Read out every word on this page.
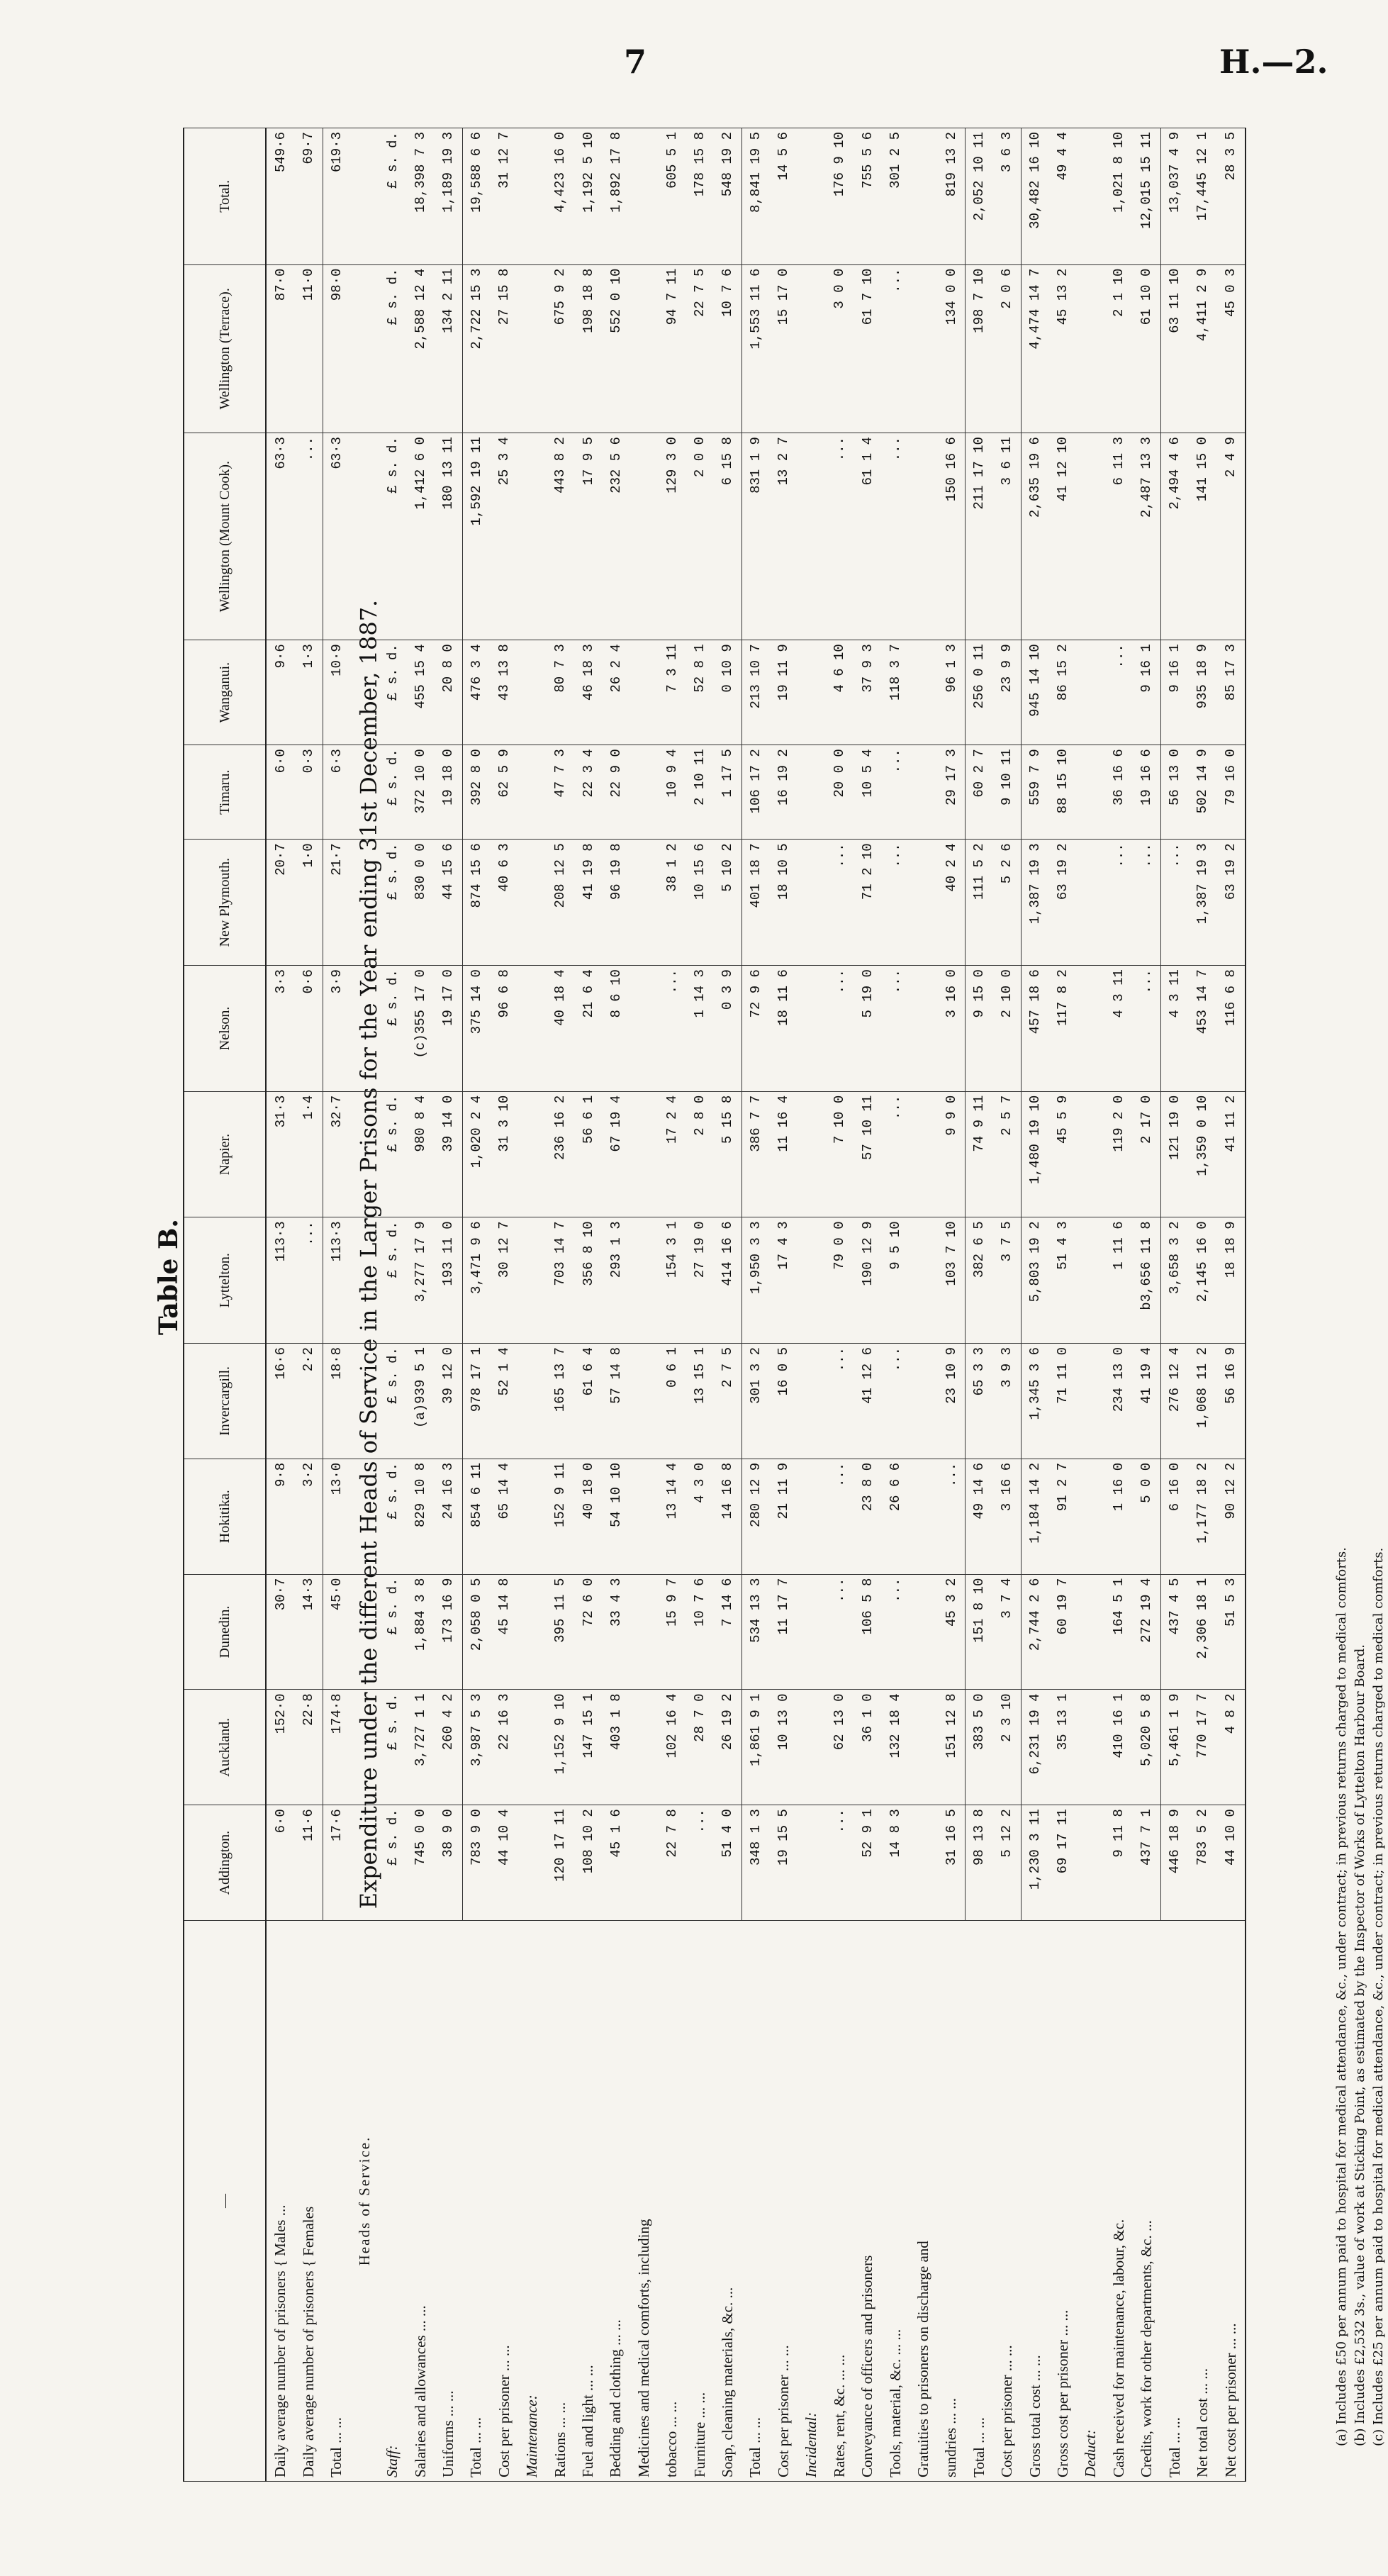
7	H.—2.
Table B.	Expenditure under the different Heads of Service in the Larger Prisons for the Year ending 31st December, 1887.
—	Addington.	Auckland.	Dunedin.	Hokitika.	Invercargill.	Lyttelton.	Napier.	Nelson.	New Plymouth.	Timaru.	Wanganui.	Wellington (Mount Cook).	Wellington (Terrace).	Total.
Daily average number of prisoners { Males ...	6·0	152·0	30·7	9·8	16·6	113·3	31·3	3·3	20·7	6·0	9·6	63·3	87·0	549·6
Daily average number of prisoners { Females	11·6	22·8	14·3	3·2	2·2	...	1·4	0·6	1·0	0·3	1·3	...	11·0	69·7
Total ... ...	17·6	174·8	45·0	13·0	18·8	113·3	32·7	3·9	21·7	6·3	10·9	63·3	98·0	619·3
Heads of Service.														
Staff:	£ s. d.	£ s. d.	£ s. d.	£ s. d.	£ s. d.	£ s. d.	£ s. d.	£ s. d.	£ s. d.	£ s. d.	£ s. d.	£ s. d.	£ s. d.	£ s. d.
Salaries and allowances ... ...	745 0 0	3,727 1 1	1,884 3 8	829 10 8	(a)939 5 1	3,277 17 9	980 8 4	(c)355 17 0	830 0 0	372 10 0	455 15 4	1,412 6 0	2,588 12 4	18,398 7 3
Uniforms ... ...	38 9 0	260 4 2	173 16 9	24 16 3	39 12 0	193 11 0	39 14 0	19 17 0	44 15 6	19 18 0	20 8 0	180 13 11	134 2 11	1,189 19 3
Total ... ...	783 9 0	3,987 5 3	2,058 0 5	854 6 11	978 17 1	3,471 9 6	1,020 2 4	375 14 0	874 15 6	392 8 0	476 3 4	1,592 19 11	2,722 15 3	19,588 6 6
Cost per prisoner ... ...	44 10 4	22 16 3	45 14 8	65 14 4	52 1 4	30 12 7	31 3 10	96 6 8	40 6 3	62 5 9	43 13 8	25 3 4	27 15 8	31 12 7
Maintenance:														
Rations ... ...	120 17 11	1,152 9 10	395 11 5	152 9 11	165 13 7	703 14 7	236 16 2	40 18 4	208 12 5	47 7 3	80 7 3	443 8 2	675 9 2	4,423 16 0
Fuel and light ... ...	108 10 2	147 15 1	72 6 0	40 18 0	61 6 4	356 8 10	56 6 1	21 6 4	41 19 8	22 3 4	46 18 3	17 9 5	198 18 8	1,192 5 10
Bedding and clothing ... ...	45 1 6	403 1 8	33 4 3	54 10 10	57 14 8	293 1 3	67 19 4	8 6 10	96 19 8	22 9 0	26 2 4	232 5 6	552 0 10	1,892 17 8
Medicines and medical comforts, including														
tobacco ... ...	22 7 8	102 16 4	15 9 7	13 14 4	0 6 1	154 3 1	17 2 4	...	38 1 2	10 9 4	7 3 11	129 3 0	94 7 11	605 5 1
Furniture ... ...	...	28 7 0	10 7 6	4 3 0	13 15 1	27 19 0	2 8 0	1 14 3	10 15 6	2 10 11	52 8 1	2 0 0	22 7 5	178 15 8
Soap, cleaning materials, &c. ...	51 4 0	26 19 2	7 14 6	14 16 8	2 7 5	414 16 6	5 15 8	0 3 9	5 10 2	1 17 5	0 10 9	6 15 8	10 7 6	548 19 2
Total ... ...	348 1 3	1,861 9 1	534 13 3	280 12 9	301 3 2	1,950 3 3	386 7 7	72 9 6	401 18 7	106 17 2	213 10 7	831 1 9	1,553 11 6	8,841 19 5
Cost per prisoner ... ...	19 15 5	10 13 0	11 17 7	21 11 9	16 0 5	17 4 3	11 16 4	18 11 6	18 10 5	16 19 2	19 11 9	13 2 7	15 17 0	14 5 6
Incidental:														
Rates, rent, &c. ... ...	...	62 13 0	...	...	...	79 0 0	7 10 0	...	...	20 0 0	4 6 10	...	3 0 0	176 9 10
Conveyance of officers and prisoners	52 9 1	36 1 0	106 5 8	23 8 0	41 12 6	190 12 9	57 10 11	5 19 0	71 2 10	10 5 4	37 9 3	61 1 4	61 7 10	755 5 6
Tools, material, &c. ... ...	14 8 3	132 18 4	...	26 6 6	...	9 5 10	...	...	...	...	118 3 7	...	...	301 2 5
Gratuities to prisoners on discharge and														
sundries ... ...	31 16 5	151 12 8	45 3 2	...	23 10 9	103 7 10	9 9 0	3 16 0	40 2 4	29 17 3	96 1 3	150 16 6	134 0 0	819 13 2
Total ... ...	98 13 8	383 5 0	151 8 10	49 14 6	65 3 3	382 6 5	74 9 11	9 15 0	111 5 2	60 2 7	256 0 11	211 17 10	198 7 10	2,052 10 11
Cost per prisoner ... ...	5 12 2	2 3 10	3 7 4	3 16 6	3 9 3	3 7 5	2 5 7	2 10 0	5 2 6	9 10 11	23 9 9	3 6 11	2 0 6	3 6 3
Gross total cost ... ...	1,230 3 11	6,231 19 4	2,744 2 6	1,184 14 2	1,345 3 6	5,803 19 2	1,480 19 10	457 18 6	1,387 19 3	559 7 9	945 14 10	2,635 19 6	4,474 14 7	30,482 16 10
Gross cost per prisoner ... ...	69 17 11	35 13 1	60 19 7	91 2 7	71 11 0	51 4 3	45 5 9	117 8 2	63 19 2	88 15 10	86 15 2	41 12 10	45 13 2	49 4 4
Deduct:														
Cash received for maintenance, labour, &c.	9 11 8	410 16 1	164 5 1	1 16 0	234 13 0	1 11 6	119 2 0	4 3 11	...	36 16 6	...	6 11 3	2 1 10	1,021 8 10
Credits, work for other departments, &c. ...	437 7 1	5,020 5 8	272 19 4	5 0 0	41 19 4	b3,656 11 8	2 17 0	...	...	19 16 6	9 16 1	2,487 13 3	61 10 0	12,015 15 11
Total ... ...	446 18 9	5,461 1 9	437 4 5	6 16 0	276 12 4	3,658 3 2	121 19 0	4 3 11	...	56 13 0	9 16 1	2,494 4 6	63 11 10	13,037 4 9
Net total cost ... ...	783 5 2	770 17 7	2,306 18 1	1,177 18 2	1,068 11 2	2,145 16 0	1,359 0 10	453 14 7	1,387 19 3	502 14 9	935 18 9	141 15 0	4,411 2 9	17,445 12 1
Net cost per prisoner ... ...	44 10 0	4 8 2	51 5 3	90 12 2	56 16 9	18 18 9	41 11 2	116 6 8	63 19 2	79 16 0	85 17 3	2 4 9	45 0 3	28 3 5
(a) Includes £50 per annum paid to hospital for medical attendance, &c., under contract; in previous returns charged to medical comforts. (b) Includes £2,532 3s., value of work at Sticking Point, as estimated by the Inspector of Works of Lyttelton Harbour Board. (c) Includes £25 per annum paid to hospital for medical attendance, &c., under contract; in previous returns charged to medical comforts.
